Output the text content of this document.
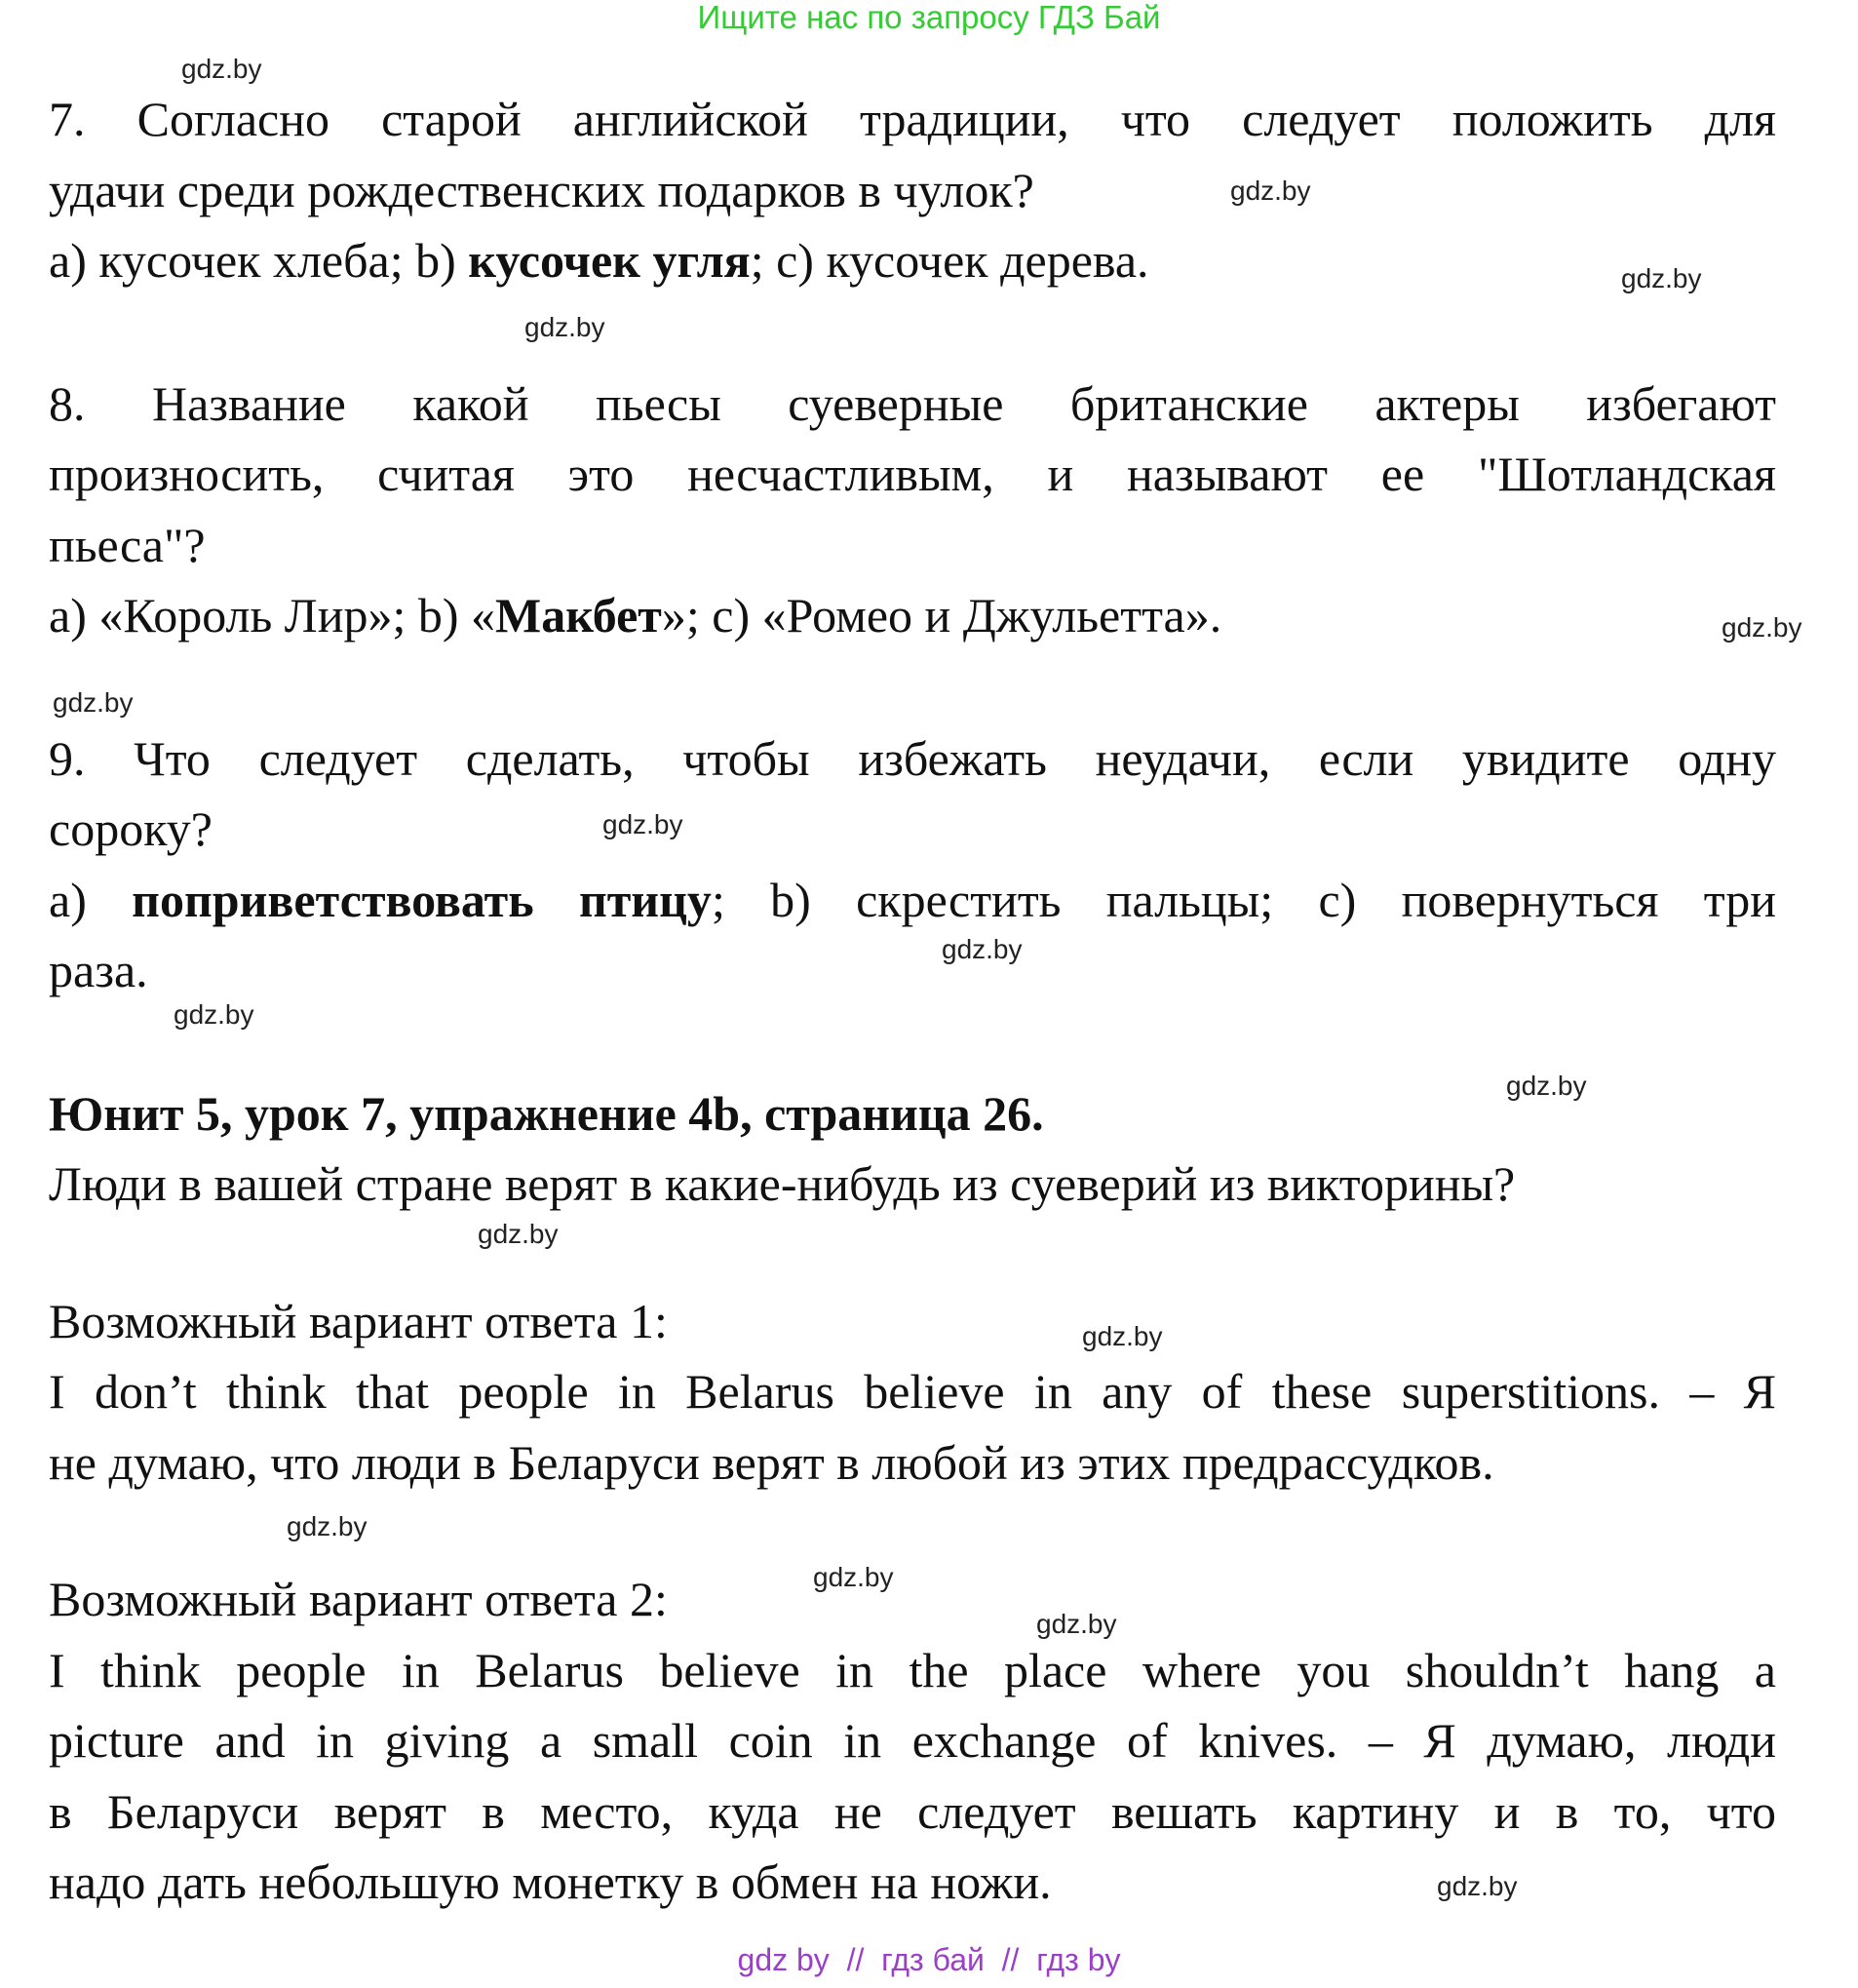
Ищите нас по запросу ГДЗ Бай
7. Согласно старой английской традиции, что следует положить для
удачи среди рождественских подарков в чулок?
a) кусочек хлеба; b) кусочек угля; c) кусочек дерева.
8. Название какой пьесы суеверные британские актеры избегают
произносить, считая это несчастливым, и называют ее "Шотландская
пьеса"?
a) «Король Лир»; b) «Макбет»; c) «Ромео и Джульетта».
9. Что следует сделать, чтобы избежать неудачи, если увидите одну
сороку?
a) поприветствовать птицу; b) скрестить пальцы; c) повернуться три
раза.
Юнит 5, урок 7, упражнение 4b, страница 26.
Люди в вашей стране верят в какие-нибудь из суеверий из викторины?
Возможный вариант ответа 1:
I don’t think that people in Belarus believe in any of these superstitions. – Я
не думаю, что люди в Беларуси верят в любой из этих предрассудков.
Возможный вариант ответа 2:
I think people in Belarus believe in the place where you shouldn’t hang a
picture and in giving a small coin in exchange of knives. – Я думаю, люди
в Беларуси верят в место, куда не следует вешать картину и в то, что
надо дать небольшую монетку в обмен на ножи.
gdz.by
gdz.by
gdz.by
gdz.by
gdz.by
gdz.by
gdz.by
gdz.by
gdz.by
gdz.by
gdz.by
gdz.by
gdz.by
gdz.by
gdz.by
gdz.by
gdz by  //  гдз бай  //  гдз by
